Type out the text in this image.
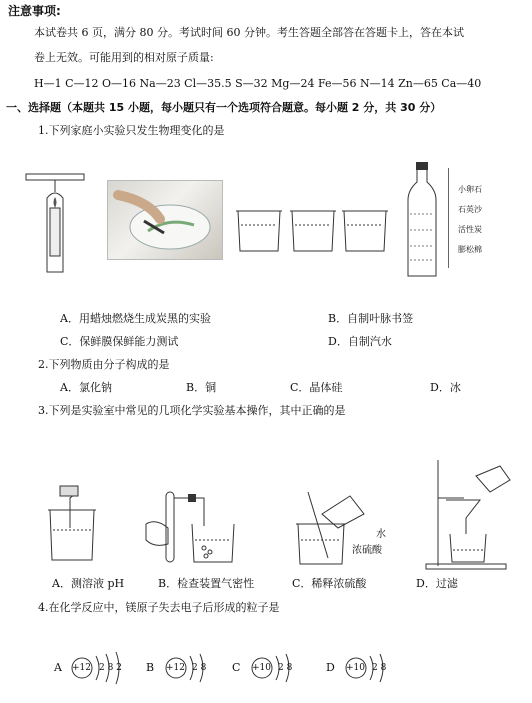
注意事项:
本试卷共 6 页，满分 80 分。考试时间 60 分钟。考生答题全部答在答题卡上，答在本试
卷上无效。可能用到的相对原子质量:
H—1 C—12 O—16 Na—23 Cl—35.5 S—32 Mg—24 Fe—56 N—14 Zn—65 Ca—40
一、选择题（本题共 15 小题，每小题只有一个选项符合题意。每小题 2 分，共 30 分）
1.下列家庭小实验只发生物理变化的是
小卵石
石英沙
活性炭
膨松棉
A．用蜡烛燃烧生成炭黑的实验	B．自制叶脉书签
C．保鲜膜保鲜能力测试	D．自制汽水
2.下列物质由分子构成的是
A．氯化钠	B．铜	C．晶体硅	D．冰
3.下列是实验室中常见的几项化学实验基本操作，其中正确的是
水
浓硫酸
A．测溶液 pH	B．检查装置气密性	C．稀释浓硫酸	D．过滤
4.在化学反应中，镁原子失去电子后形成的粒子是
A +12 2 8 2 B +12 2 8 C +10 2 8	D +10 2 8
